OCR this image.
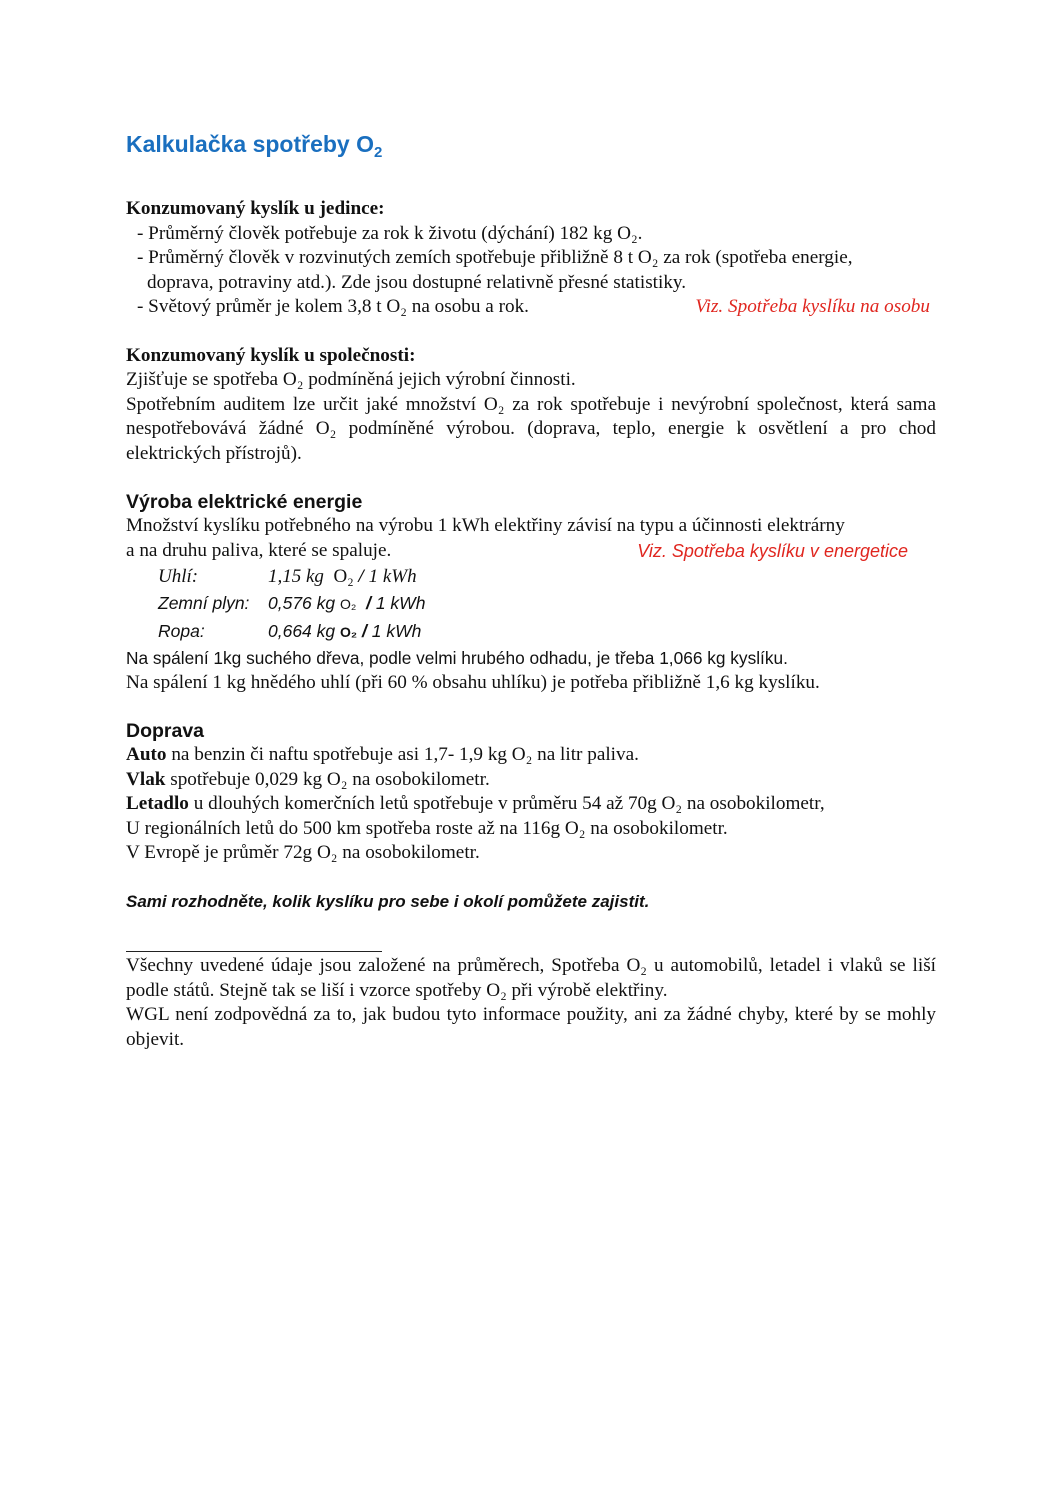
Kalkulačka spotřeby $O_2$
Konzumovaný kyslík u jedince:
- Průměrný člověk potřebuje za rok k životu (dýchání) 182 kg O₂.
- Průměrný člověk v rozvinutých zemích spotřebuje přibližně 8 t O₂ za rok (spotřeba energie,
doprava, potraviny atd.). Zde jsou dostupné relativně přesné statistiky.
- Světový průměr je kolem 3,8 t O₂ na osobu a rok.	Viz. Spotřeba kyslíku na osobu
Konzumovaný kyslík u společnosti:
Zjišťuje se spotřeba O₂ podmíněná jejich výrobní činnosti.
Spotřebním auditem lze určit jaké množství O₂ za rok spotřebuje i nevýrobní společnost, která sama nespotřebovává žádné O₂ podmíněné výrobou. (doprava, teplo, energie k osvětlení a pro chod elektrických přístrojů).
Výroba elektrické energie
Množství kyslíku potřebného na výrobu 1 kWh elektřiny závisí na typu a účinnosti elektrárny
a na druhu paliva, které se spaluje.	Viz. Spotřeba kyslíku v energetice
Uhlí:	1,15 kg O₂ / 1 kWh
Zemní plyn:	0,576 kg O₂ / 1 kWh
Ropa:	0,664 kg O₂ / 1 kWh
Na spálení 1kg suchého dřeva, podle velmi hrubého odhadu, je třeba 1,066 kg kyslíku.
Na spálení 1 kg hnědého uhlí (při 60 % obsahu uhlíku) je potřeba přibližně 1,6 kg kyslíku.
Doprava
Auto na benzin či naftu spotřebuje asi 1,7- 1,9 kg O₂ na litr paliva.
Vlak spotřebuje 0,029 kg O₂ na osobokilometr.
Letadlo u dlouhých komerčních letů spotřebuje v průměru 54 až 70g O₂ na osobokilometr,
U regionálních letů do 500 km spotřeba roste až na 116g O₂ na osobokilometr.
V Evropě je průměr 72g O₂ na osobokilometr.
Sami rozhodněte, kolik kyslíku pro sebe i okolí pomůžete zajistit.
Všechny uvedené údaje jsou založené na průměrech, Spotřeba O₂ u automobilů, letadel i vlaků se liší podle států. Stejně tak se liší i vzorce spotřeby O₂ při výrobě elektřiny.
WGL není zodpovědná za to, jak budou tyto informace použity, ani za žádné chyby, které by se mohly objevit.
